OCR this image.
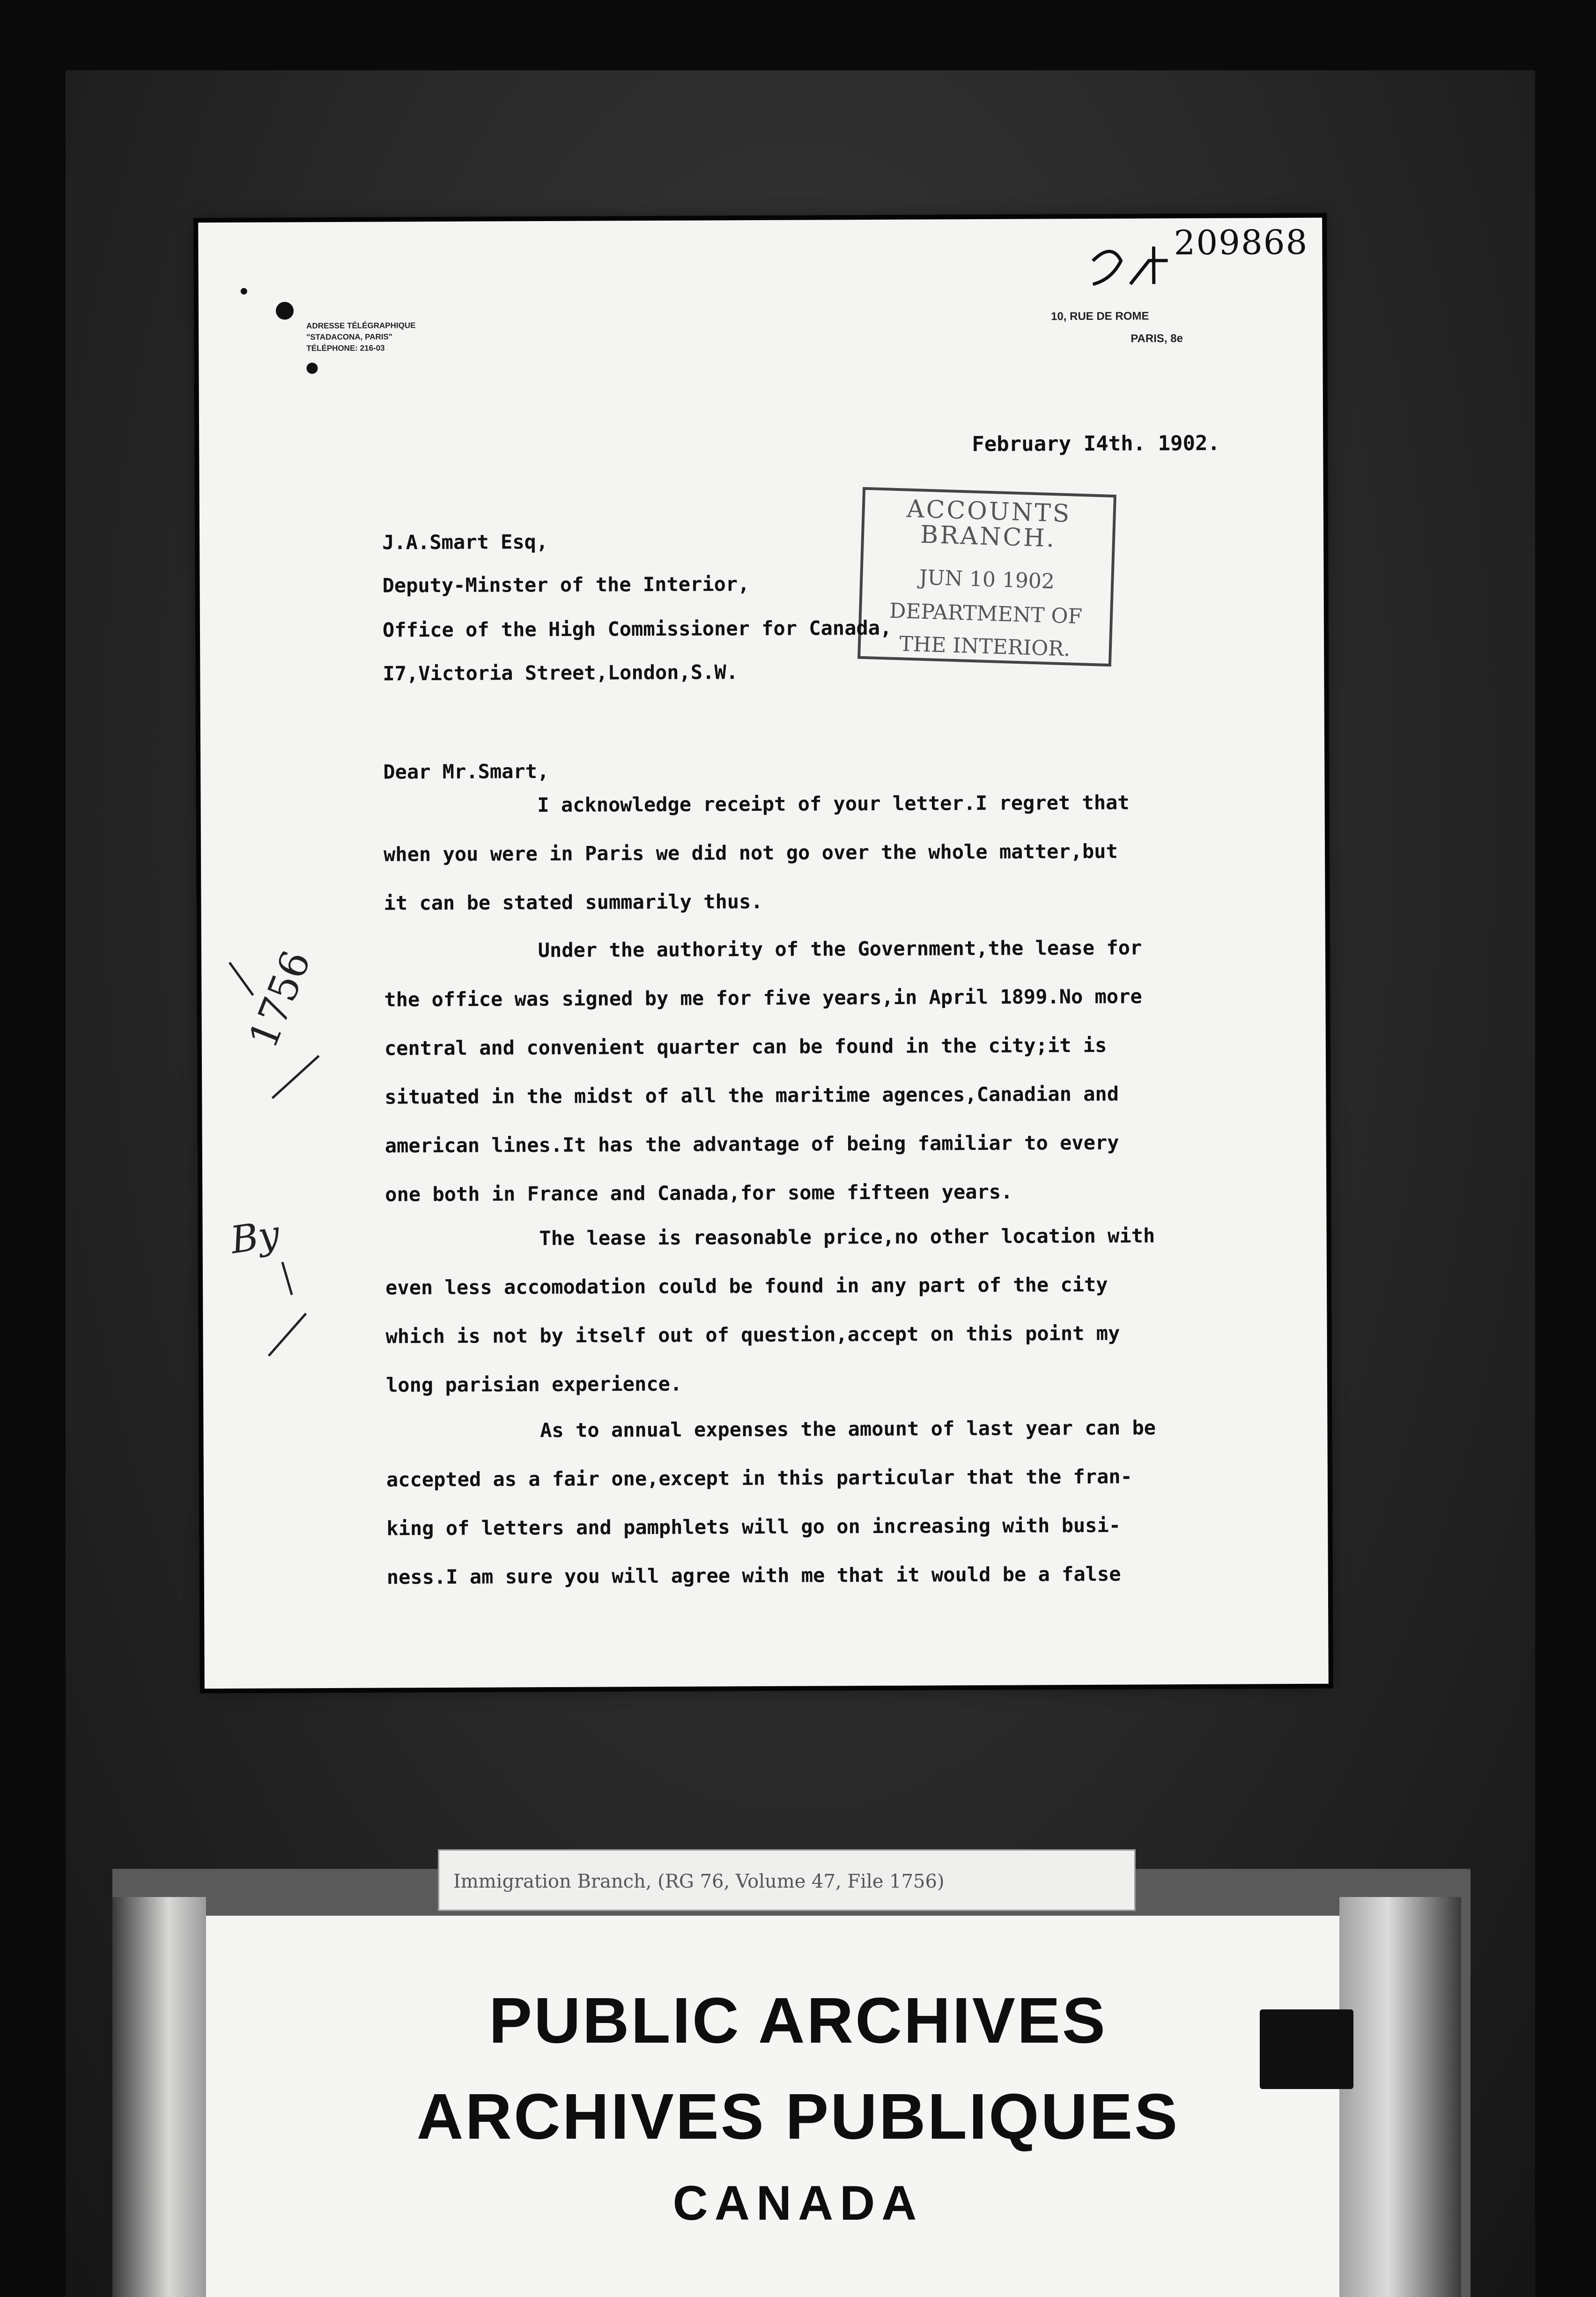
209868
ADRESSE TÉLÉGRAPHIQUE
"STADACONA, PARIS"
TÉLÉPHONE: 216-03
10, RUE DE ROME
PARIS, 8e
February I4th. 1902.
ACCOUNTS
BRANCH.
JUN 10 1902
DEPARTMENT OF
THE INTERIOR.
J.A.Smart Esq,
Deputy-Minster of the Interior,
Office of the High Commissioner for Canada,
I7,Victoria Street,London,S.W.
Dear Mr.Smart,
I acknowledge receipt of your letter.I regret that
when you were in Paris we did not go over the whole matter,but
it can be stated summarily thus.
Under the authority of the Government,the lease for
the office was signed by me for five years,in April 1899.No more
central and convenient quarter can be found in the city;it is
situated in the midst of all the maritime agences,Canadian and
american lines.It has the advantage of being familiar to every
one both in France and Canada,for some fifteen years.
The lease is reasonable price,no other location with
even less accomodation could be found in any part of the city
which is not by itself out of question,accept on this point my
long parisian experience.
As to annual expenses the amount of last year can be
accepted as a fair one,except in this particular that the fran-
king of letters and pamphlets will go on increasing with busi-
ness.I am sure you will agree with me that it would be a false
1756
By
Immigration Branch, (RG 76, Volume 47, File 1756)
PUBLIC ARCHIVES
ARCHIVES PUBLIQUES
CANADA
